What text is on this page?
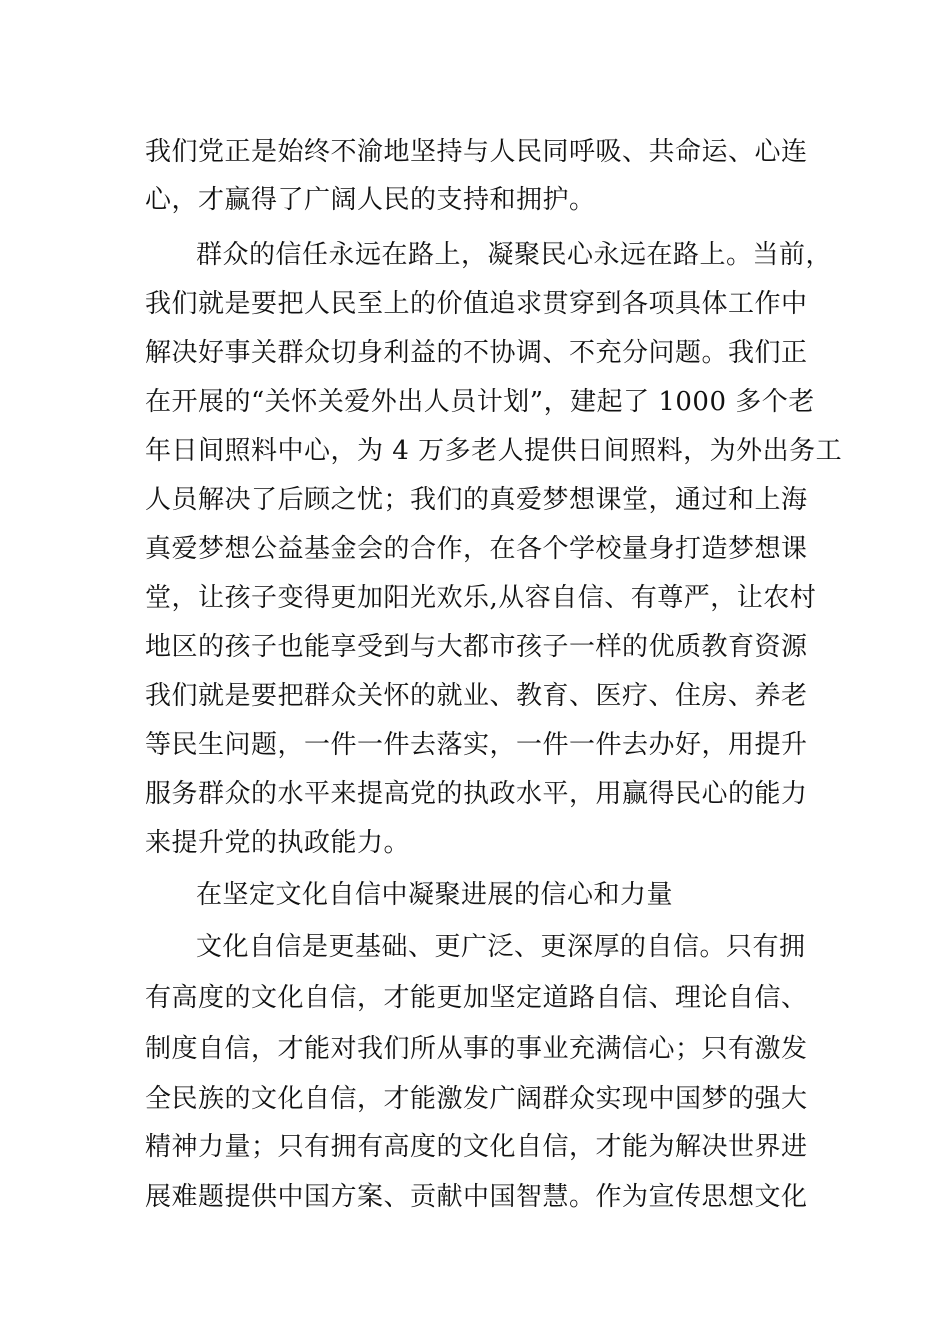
我们党正是始终不渝地坚持与人民同呼吸、共命运、心连
心，才赢得了广阔人民的支持和拥护。
群众的信任永远在路上，凝聚民心永远在路上。当前，
我们就是要把人民至上的价值追求贯穿到各项具体工作中
解决好事关群众切身利益的不协调、不充分问题。我们正
在开展的“关怀关爱外出人员计划”，建起了 1000 多个老
年日间照料中心，为 4 万多老人提供日间照料，为外出务工
人员解决了后顾之忧；我们的真爱梦想课堂，通过和上海
真爱梦想公益基金会的合作，在各个学校量身打造梦想课
堂，让孩子变得更加阳光欢乐,从容自信、有尊严，让农村
地区的孩子也能享受到与大都市孩子一样的优质教育资源
我们就是要把群众关怀的就业、教育、医疗、住房、养老
等民生问题，一件一件去落实，一件一件去办好，用提升
服务群众的水平来提高党的执政水平，用赢得民心的能力
来提升党的执政能力。
在坚定文化自信中凝聚进展的信心和力量
文化自信是更基础、更广泛、更深厚的自信。只有拥
有高度的文化自信，才能更加坚定道路自信、理论自信、
制度自信，才能对我们所从事的事业充满信心；只有激发
全民族的文化自信，才能激发广阔群众实现中国梦的强大
精神力量；只有拥有高度的文化自信，才能为解决世界进
展难题提供中国方案、贡献中国智慧。作为宣传思想文化
